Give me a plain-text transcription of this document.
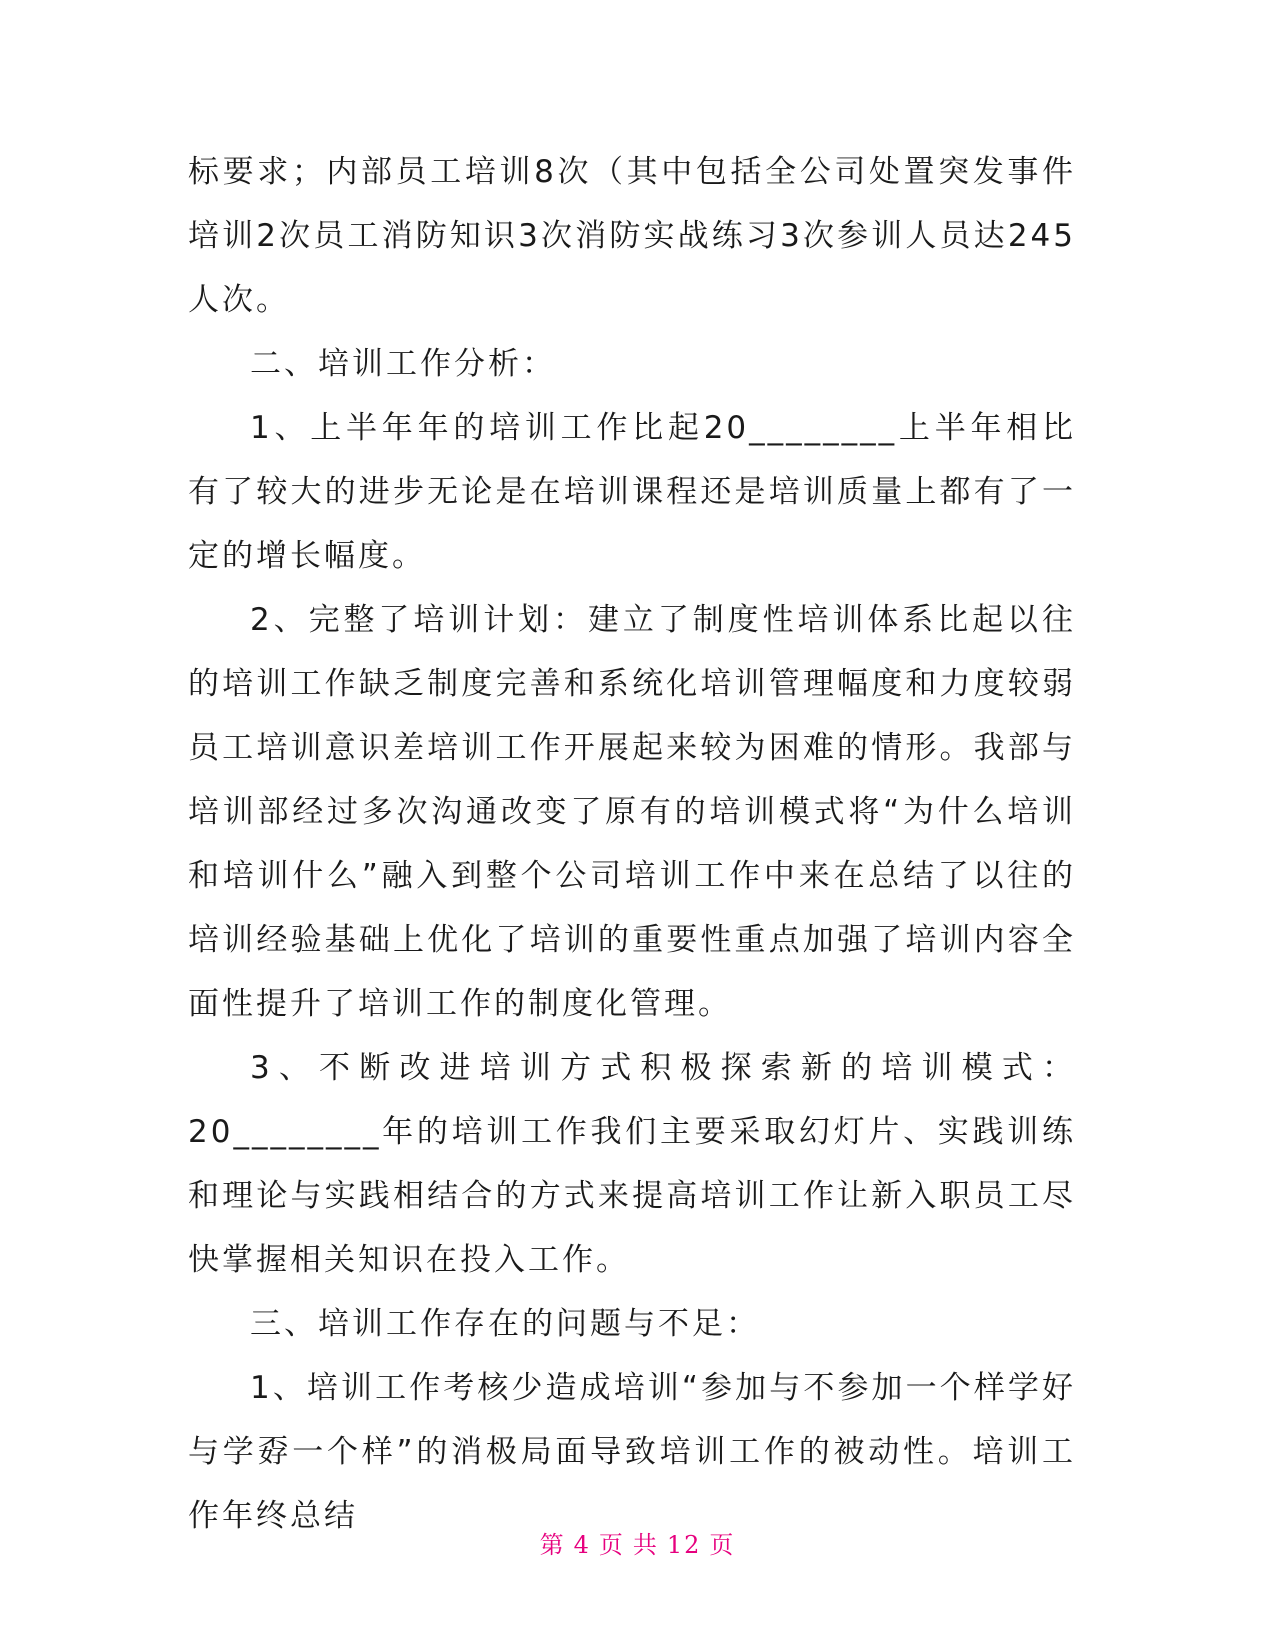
标要求；内部员工培训8次（其中包括全公司处置突发事件培训2次员工消防知识3次消防实战练习3次参训人员达245人次。

二、培训工作分析：

1、上半年年的培训工作比起20________上半年相比有了较大的进步无论是在培训课程还是培训质量上都有了一定的增长幅度。

2、完整了培训计划：建立了制度性培训体系比起以往的培训工作缺乏制度完善和系统化培训管理幅度和力度较弱员工培训意识差培训工作开展起来较为困难的情形。我部与培训部经过多次沟通改变了原有的培训模式将“为什么培训和培训什么”融入到整个公司培训工作中来在总结了以往的培训经验基础上优化了培训的重要性重点加强了培训内容全面性提升了培训工作的制度化管理。

3、不断改进培训方式积极探索新的培训模式：20________年的培训工作我们主要采取幻灯片、实践训练和理论与实践相结合的方式来提高培训工作让新入职员工尽快掌握相关知识在投入工作。

三、培训工作存在的问题与不足：

1、培训工作考核少造成培训“参加与不参加一个样学好与学孬一个样”的消极局面导致培训工作的被动性。培训工作年终总结

第 4 页 共 12 页
